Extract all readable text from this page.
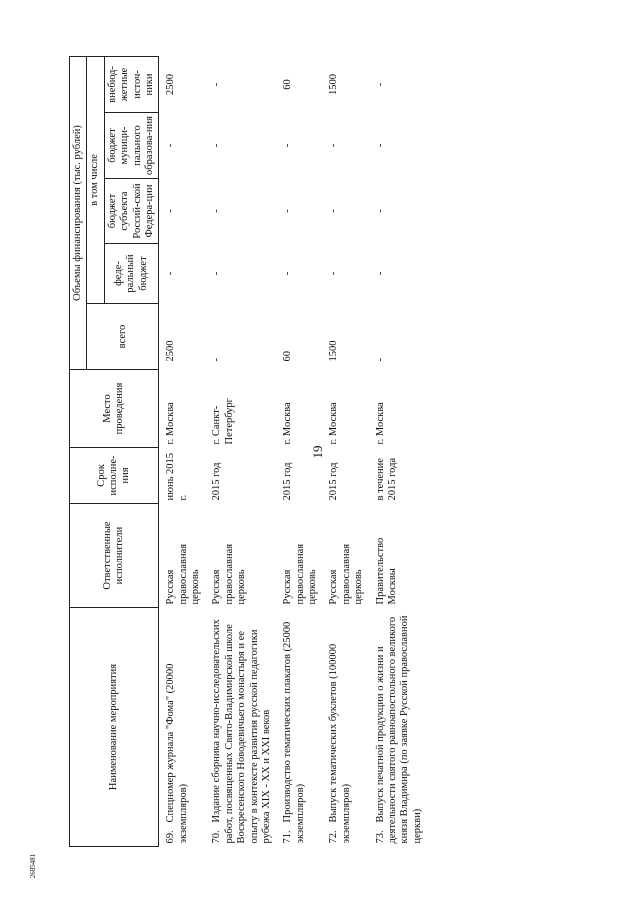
19
2685481
Наименование мероприятия	Ответственные исполнители	Срок исполне-ния	Место проведения	Объемы финансирования (тыс. рублей)				
				всего	в том числе			
					феде-ральный бюджет	бюджет субъекта Россий-ской Федера-ции	бюджет муници-пального образова-ния	внебюд-жетные источ-ники
69.   Спецномер журнала "Фома" (20000 экземпляров)	Русская православная церковь	июнь 2015 г.	г. Москва	2500	-	-	-	2500
70.   Издание сборника научно-исследовательских работ, посвященных Свято-Владимирской школе Воскресенского Новодевичьего монастыря и ее опыту в контексте развития русской педагогики рубежа XIX - XX и XXI веков	Русская православная церковь	2015 год	г. Санкт-Петербург	-	-	-	-	-
71.   Производство тематических плакатов (25000 экземпляров)	Русская православная церковь	2015 год	г. Москва	60	-	-	-	60
72.   Выпуск тематических буклетов (100000 экземпляров)	Русская православная церковь	2015 год	г. Москва	1500	-	-	-	1500
73.   Выпуск печатной продукции о жизни и деятельности святого равноапостольного великого князя Владимира (по заявке Русской православной церкви)	Правительство Москвы	в течение 2015 года	г. Москва	-	-	-	-	-
